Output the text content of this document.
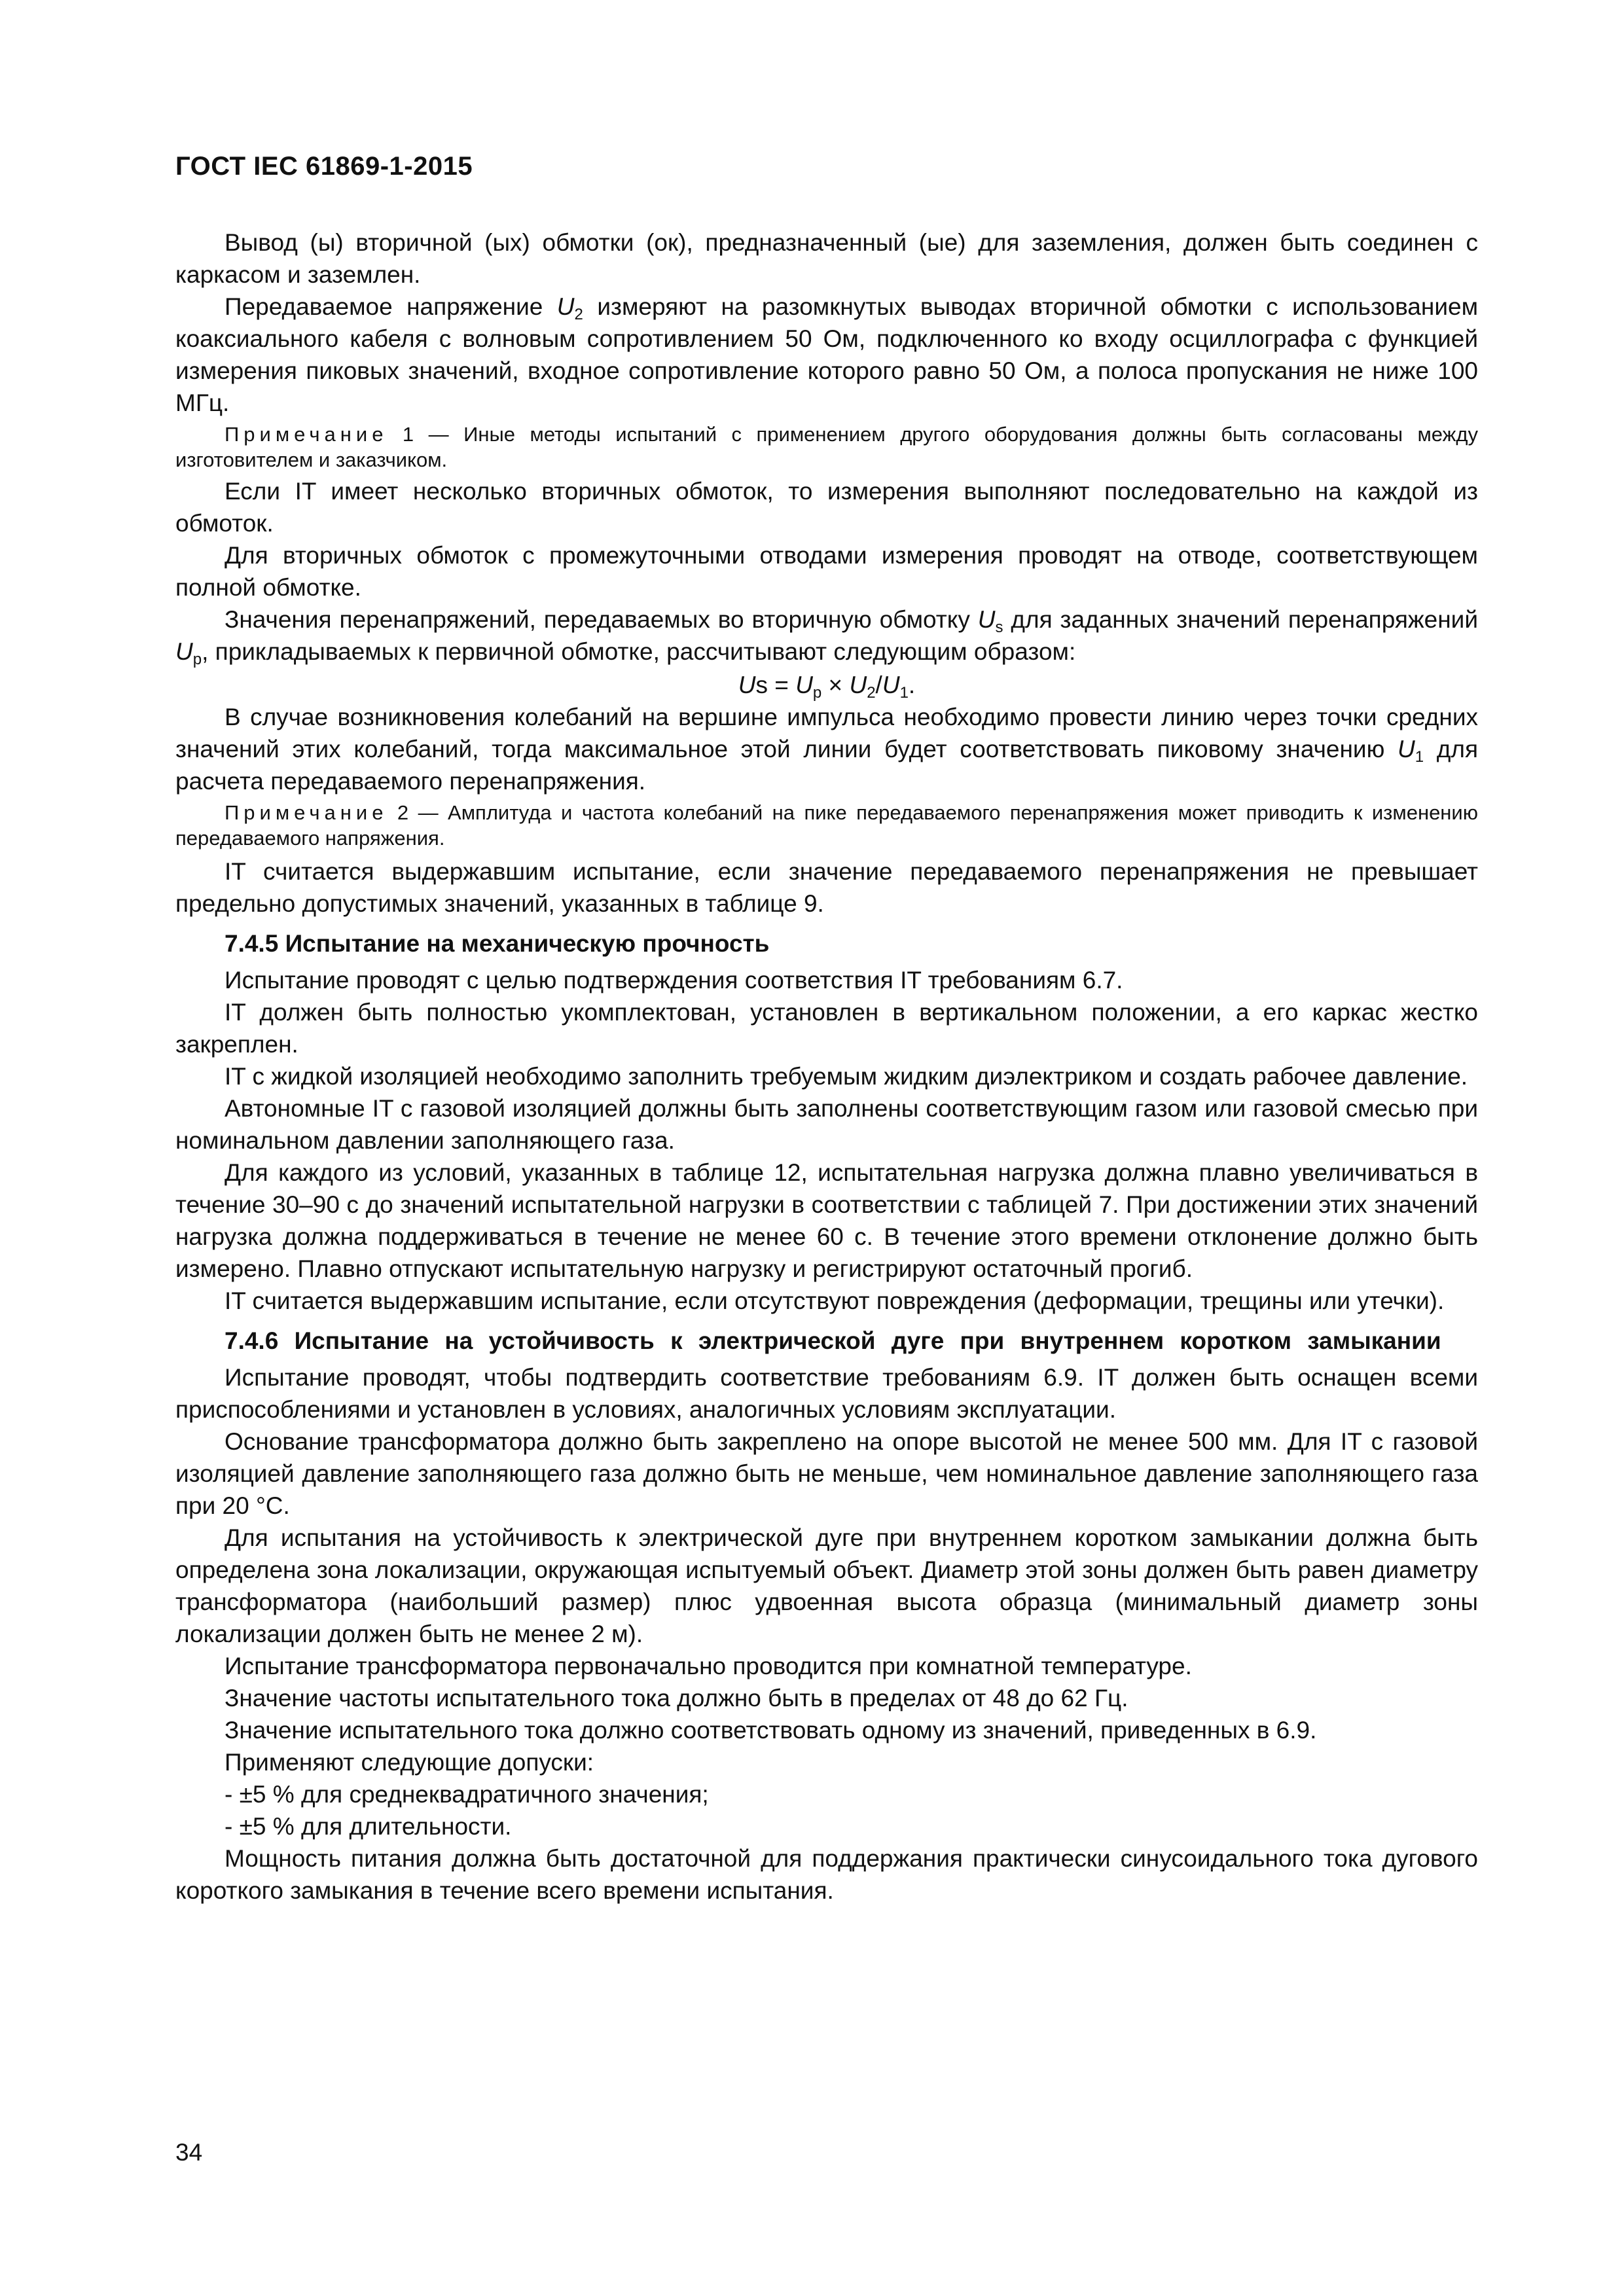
ГОСТ IEC 61869-1-2015

Вывод (ы) вторичной (ых) обмотки (ок), предназначенный (ые) для заземления, должен быть соединен с каркасом и заземлен.

Передаваемое напряжение $U_2$ измеряют на разомкнутых выводах вторичной обмотки с использованием коаксиального кабеля с волновым сопротивлением 50 Ом, подключенного ко входу осциллографа с функцией измерения пиковых значений, входное сопротивление которого равно 50 Ом, а полоса пропускания не ниже 100 МГц.

Примечание 1 — Иные методы испытаний с применением другого оборудования должны быть согласованы между изготовителем и заказчиком.

Если IT имеет несколько вторичных обмоток, то измерения выполняют последовательно на каждой из обмоток.

Для вторичных обмоток с промежуточными отводами измерения проводят на отводе, соответствующем полной обмотке.

Значения перенапряжений, передаваемых во вторичную обмотку $U_s$ для заданных значений перенапряжений $U_p$, прикладываемых к первичной обмотке, рассчитывают следующим образом:

$Us = U_p \times U_2/U_1$.

В случае возникновения колебаний на вершине импульса необходимо провести линию через точки средних значений этих колебаний, тогда максимальное этой линии будет соответствовать пиковому значению $U_1$ для расчета передаваемого перенапряжения.

Примечание 2 — Амплитуда и частота колебаний на пике передаваемого перенапряжения может приводить к изменению передаваемого напряжения.

IT считается выдержавшим испытание, если значение передаваемого перенапряжения не превышает предельно допустимых значений, указанных в таблице 9.

7.4.5 Испытание на механическую прочность

Испытание проводят с целью подтверждения соответствия IT требованиям 6.7.

IT должен быть полностью укомплектован, установлен в вертикальном положении, а его каркас жестко закреплен.

IT с жидкой изоляцией необходимо заполнить требуемым жидким диэлектриком и создать рабочее давление.

Автономные IT с газовой изоляцией должны быть заполнены соответствующим газом или газовой смесью при номинальном давлении заполняющего газа.

Для каждого из условий, указанных в таблице 12, испытательная нагрузка должна плавно увеличиваться в течение 30–90 с до значений испытательной нагрузки в соответствии с таблицей 7. При достижении этих значений нагрузка должна поддерживаться в течение не менее 60 с. В течение этого времени отклонение должно быть измерено. Плавно отпускают испытательную нагрузку и регистрируют остаточный прогиб.

IT считается выдержавшим испытание, если отсутствуют повреждения (деформации, трещины или утечки).

7.4.6 Испытание на устойчивость к электрической дуге при внутреннем коротком замыкании

Испытание проводят, чтобы подтвердить соответствие требованиям 6.9. IT должен быть оснащен всеми приспособлениями и установлен в условиях, аналогичных условиям эксплуатации.

Основание трансформатора должно быть закреплено на опоре высотой не менее 500 мм. Для IT с газовой изоляцией давление заполняющего газа должно быть не меньше, чем номинальное давление заполняющего газа при 20 °С.

Для испытания на устойчивость к электрической дуге при внутреннем коротком замыкании должна быть определена зона локализации, окружающая испытуемый объект. Диаметр этой зоны должен быть равен диаметру трансформатора (наибольший размер) плюс удвоенная высота образца (минимальный диаметр зоны локализации должен быть не менее 2 м).

Испытание трансформатора первоначально проводится при комнатной температуре.

Значение частоты испытательного тока должно быть в пределах от 48 до 62 Гц.

Значение испытательного тока должно соответствовать одному из значений, приведенных в 6.9.

Применяют следующие допуски:

- ±5 % для среднеквадратичного значения;

- ±5 % для длительности.

Мощность питания должна быть достаточной для поддержания практически синусоидального тока дугового короткого замыкания в течение всего времени испытания.

34
